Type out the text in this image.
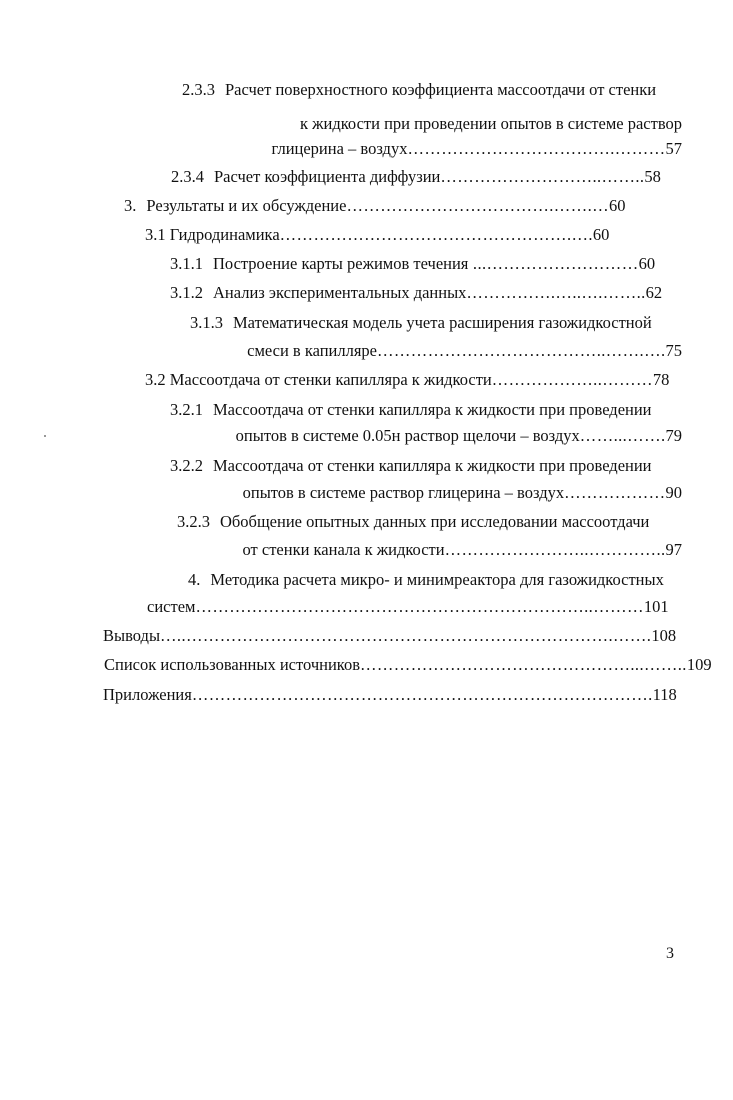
2.3.3 Расчет поверхностного коэффициента массоотдачи от стенки
к жидкости при проведении опытов в системе раствор
глицерина – воздух……………………………….………57
2.3.4 Расчет коэффициента диффузии………………………..……..58
3. Результаты и их обсуждение……………………………….…….…60
3.1 Гидродинамика…………………………………………….….60
3.1.1 Построение карты режимов течения ...………………………60
3.1.2 Анализ экспериментальных данных…………….…..….……..62
3.1.3 Математическая модель учета расширения газожидкостной
смеси в капилляре…………………………………..…….….75
3.2 Массоотдача от стенки капилляра к жидкости………………..………78
3.2.1 Массоотдача от стенки капилляра к жидкости при проведении
опытов в системе 0.05н раствор щелочи – воздух……...…….79
3.2.2 Массоотдача от стенки капилляра к жидкости при проведении
опытов в системе раствор глицерина – воздух………………90
3.2.3 Обобщение опытных данных при исследовании массоотдачи
от стенки канала к жидкости……………………..…………..97
4. Методика расчета микро- и минимреактора для газожидкостных
систем……………………………………………………………..………101
Выводы…..………………………………………………………………….…….108
Список использованных источников…………………………………………...……..109
Приложения……………………………………………………………………….118
3
